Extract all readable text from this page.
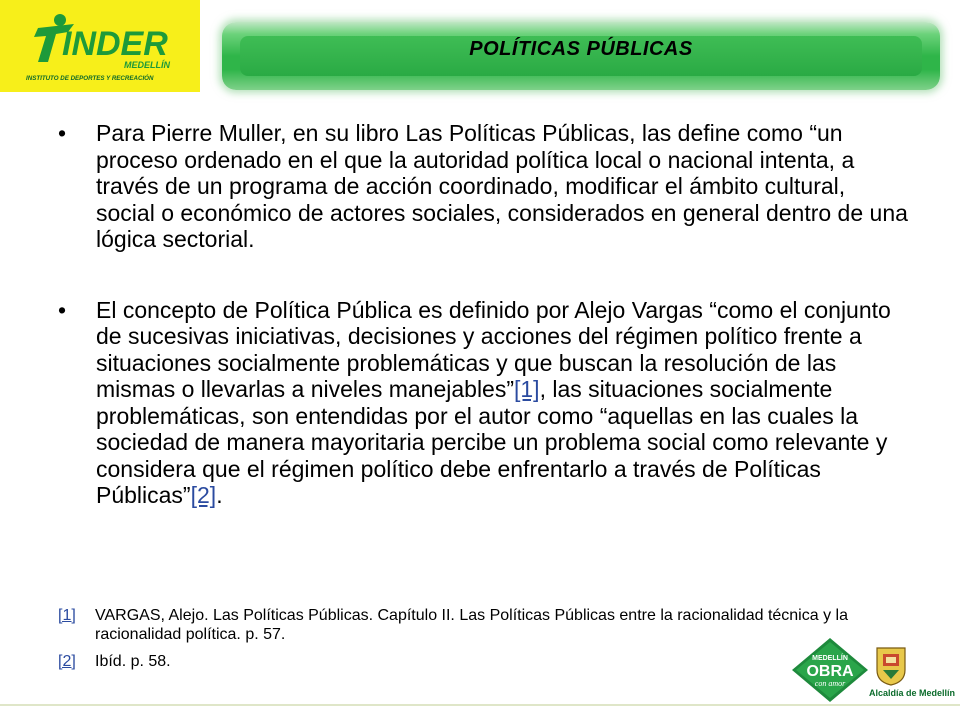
INDER
MEDELLÍN
INSTITUTO DE DEPORTES Y RECREACIÓN
POLÍTICAS PÚBLICAS
• Para Pierre Muller, en su libro Las Políticas Públicas, las define como “un proceso ordenado en el que la autoridad política local o nacional intenta, a través de un programa de acción coordinado, modificar el ámbito cultural, social o económico de actores sociales, considerados en general dentro de una lógica sectorial.
• El concepto de Política Pública es definido por Alejo Vargas “como el conjunto de sucesivas iniciativas, decisiones y acciones del régimen político frente a situaciones socialmente problemáticas y que buscan la resolución de las mismas o llevarlas a niveles manejables”[1], las situaciones socialmente problemáticas, son entendidas por el autor como “aquellas en las cuales la sociedad de manera mayoritaria percibe un problema social como relevante y considera que el régimen político debe enfrentarlo a través de Políticas Públicas”[2].
[1] VARGAS, Alejo. Las Políticas Públicas. Capítulo II. Las Políticas Públicas entre la racionalidad técnica y la racionalidad política. p. 57.
[2] Ibíd. p. 58.	MEDELLÍN
OBRA
con amor
Alcaldía de Medellín
